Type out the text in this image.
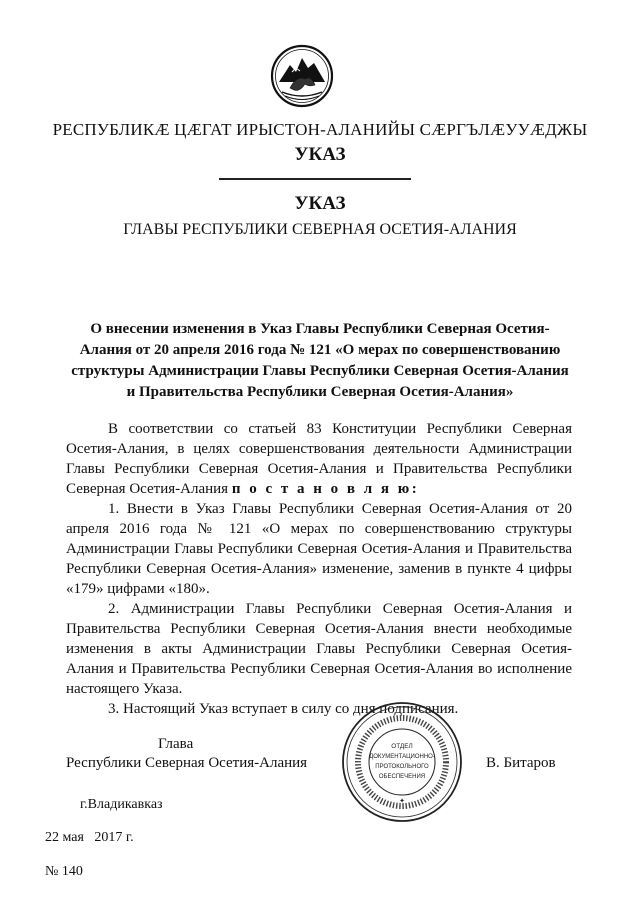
РЕСПУБЛИКӔ ЦӔГАТ ИРЫСТОН-АЛАНИЙЫ СӔРГЪЛӔУУӔДЖЫ
УКАЗ
УКАЗ
ГЛАВЫ РЕСПУБЛИКИ СЕВЕРНАЯ ОСЕТИЯ-АЛАНИЯ
О внесении изменения в Указ Главы Республики Северная Осетия-Алания от 20 апреля 2016 года № 121 «О мерах по совершенствованию структуры Администрации Главы Республики Северная Осетия-Алания и Правительства Республики Северная Осетия-Алания»

В соответствии со статьей 83 Конституции Республики Северная Осетия-Алания, в целях совершенствования деятельности Администрации Главы Республики Северная Осетия-Алания и Правительства Республики Северная Осетия-Алания п о с т а н о в л я ю:

1. Внести в Указ Главы Республики Северная Осетия-Алания от 20 апреля 2016 года № 121 «О мерах по совершенствованию структуры Администрации Главы Республики Северная Осетия-Алания и Правительства Республики Северная Осетия-Алания» изменение, заменив в пункте 4 цифры «179» цифрами «180».

2. Администрации Главы Республики Северная Осетия-Алания и Правительства Республики Северная Осетия-Алания внести необходимые изменения в акты Администрации Главы Республики Северная Осетия-Алания и Правительства Республики Северная Осетия-Алания во исполнение настоящего Указа.

3. Настоящий Указ вступает в силу со дня подписания.

Глава
Республики Северная Осетия-Алания
ОТДЕЛ
ДОКУМЕНТАЦИОННО-
ПРОТОКОЛЬНОГО
ОБЕСПЕЧЕНИЯ
✦
В. Битаров
г.Владикавказ
22 мая   2017 г.
№ 140
